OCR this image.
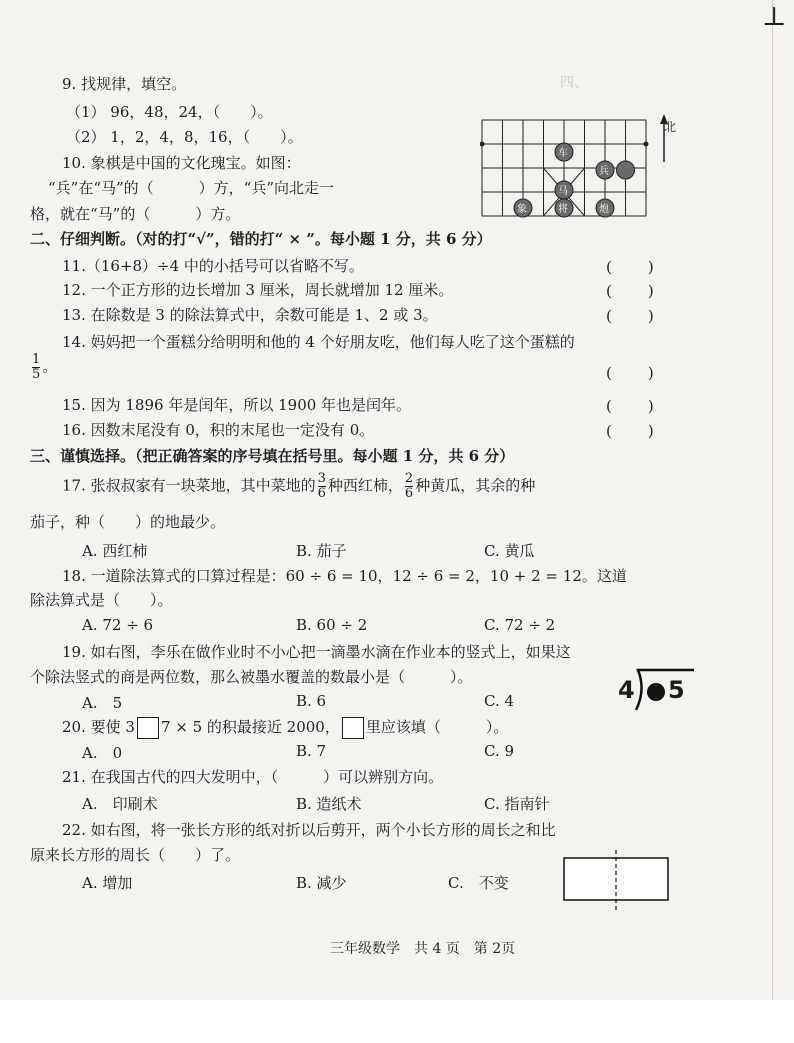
四、
⊥
9. 找规律，填空。
（1） 96，48，24，（　　）。
（2） 1，2，4，8，16，（　　）。
10. 象棋是中国的文化瑰宝。如图：
“兵”在“马”的（　　　）方，“兵”向北走一
格，就在“马”的（　　　）方。
北
车
兵
马
象	将	炮
二、仔细判断。（对的打“√”，错的打“ × ”。每小题 1 分，共 6 分）
11.（16+8）÷4 中的小括号可以省略不写。	(　　)
12. 一个正方形的边长增加 3 厘米，周长就增加 12 厘米。	(　　)
13. 在除数是 3 的除法算式中，余数可能是 1、2 或 3。	(　　)
14. 妈妈把一个蛋糕分给明明和他的 4 个好朋友吃，他们每人吃了这个蛋糕的
$\frac{1}{5}$ 。	(　　)
15. 因为 1896 年是闰年，所以 1900 年也是闰年。	(　　)
16. 因数末尾没有 0，积的末尾也一定没有 0。	(　　)
三、谨慎选择。（把正确答案的序号填在括号里。每小题 1 分，共 6 分）
17. 张叔叔家有一块菜地，其中菜地的 $\frac{3}{6}$ 种西红柿， $\frac{2}{6}$ 种黄瓜，其余的种
茄子，种（　　）的地最少。
A. 西红柿	B. 茄子	C. 黄瓜
18. 一道除法算式的口算过程是：60 ÷ 6 = 10，12 ÷ 6 = 2，10 + 2 = 12。这道
除法算式是（　　）。
A. 72 ÷ 6	B. 60 ÷ 2	C. 72 ÷ 2
19. 如右图，李乐在做作业时不小心把一滴墨水滴在作业本的竖式上，如果这
个除法竖式的商是两位数，那么被墨水覆盖的数最小是（　　　）。
A.　5	B. 6	C. 4	4 5
20. 要使 3 7 × 5 的积最接近 2000， 里应该填（　　　）。
A.　0	B. 7	C. 9
21. 在我国古代的四大发明中，（　　　）可以辨别方向。
A.　印刷术	B. 造纸术	C. 指南针
22. 如右图，将一张长方形的纸对折以后剪开，两个小长方形的周长之和比
原来长方形的周长（　　）了。
A. 增加	B. 减少	C.　不变
三年级数学　共 4 页　第 2页
